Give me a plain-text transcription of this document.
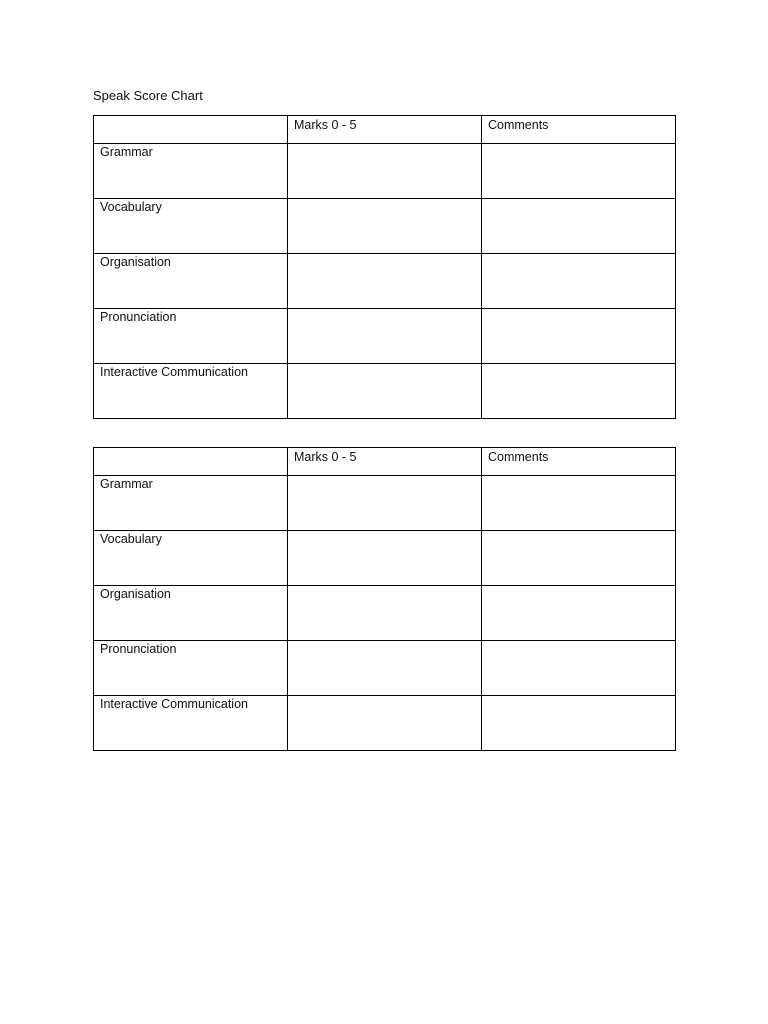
Speak Score Chart
	Marks 0 - 5	Comments
Grammar		
Vocabulary		
Organisation		
Pronunciation		
Interactive Communication		
	Marks 0 - 5	Comments
Grammar		
Vocabulary		
Organisation		
Pronunciation		
Interactive Communication		
